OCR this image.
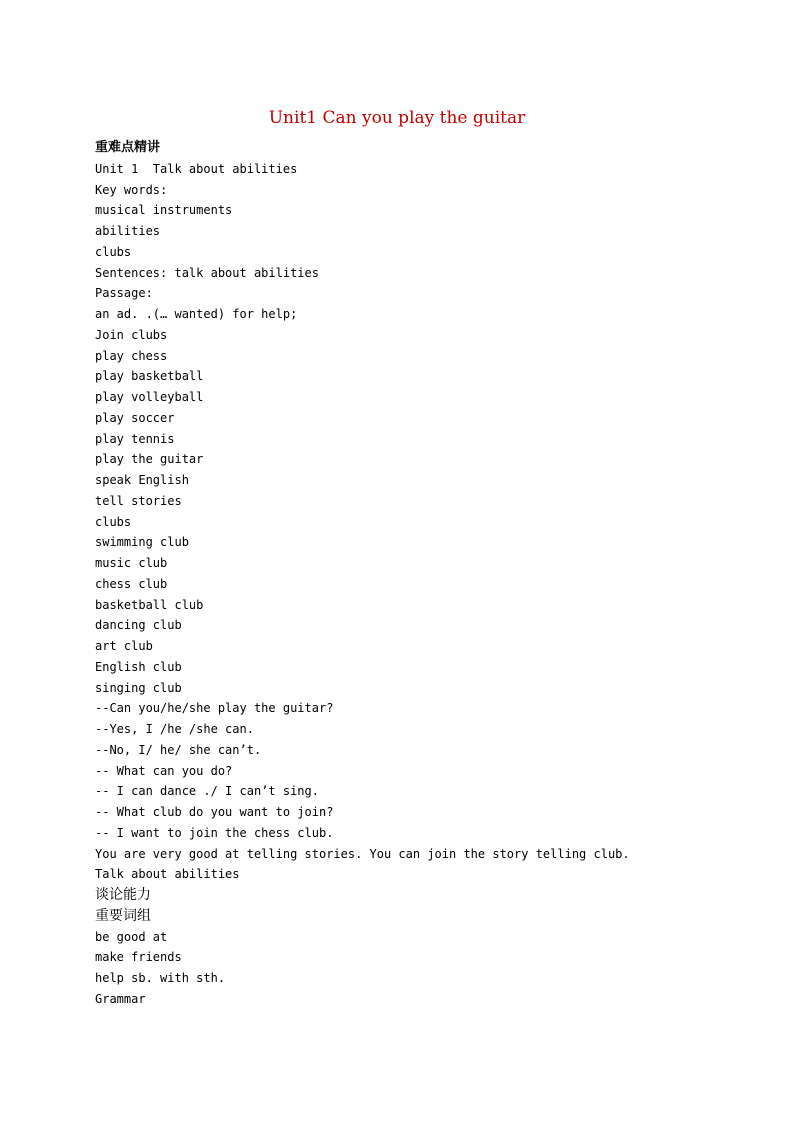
Unit1 Can you play the guitar
重难点精讲
Unit 1  Talk about abilities
Key words:
musical instruments
abilities
clubs
Sentences: talk about abilities
Passage:
an ad. .(… wanted) for help;
Join clubs
play chess
play basketball
play volleyball
play soccer
play tennis
play the guitar
speak English
tell stories
clubs
swimming club
music club
chess club
basketball club
dancing club
art club
English club
singing club
--Can you/he/she play the guitar?
--Yes, I /he /she can.
--No, I/ he/ she can’t.
-- What can you do?
-- I can dance ./ I can’t sing.
-- What club do you want to join?
-- I want to join the chess club.
You are very good at telling stories. You can join the story telling club.
Talk about abilities
谈论能力
重要词组
be good at
make friends
help sb. with sth.
Grammar
